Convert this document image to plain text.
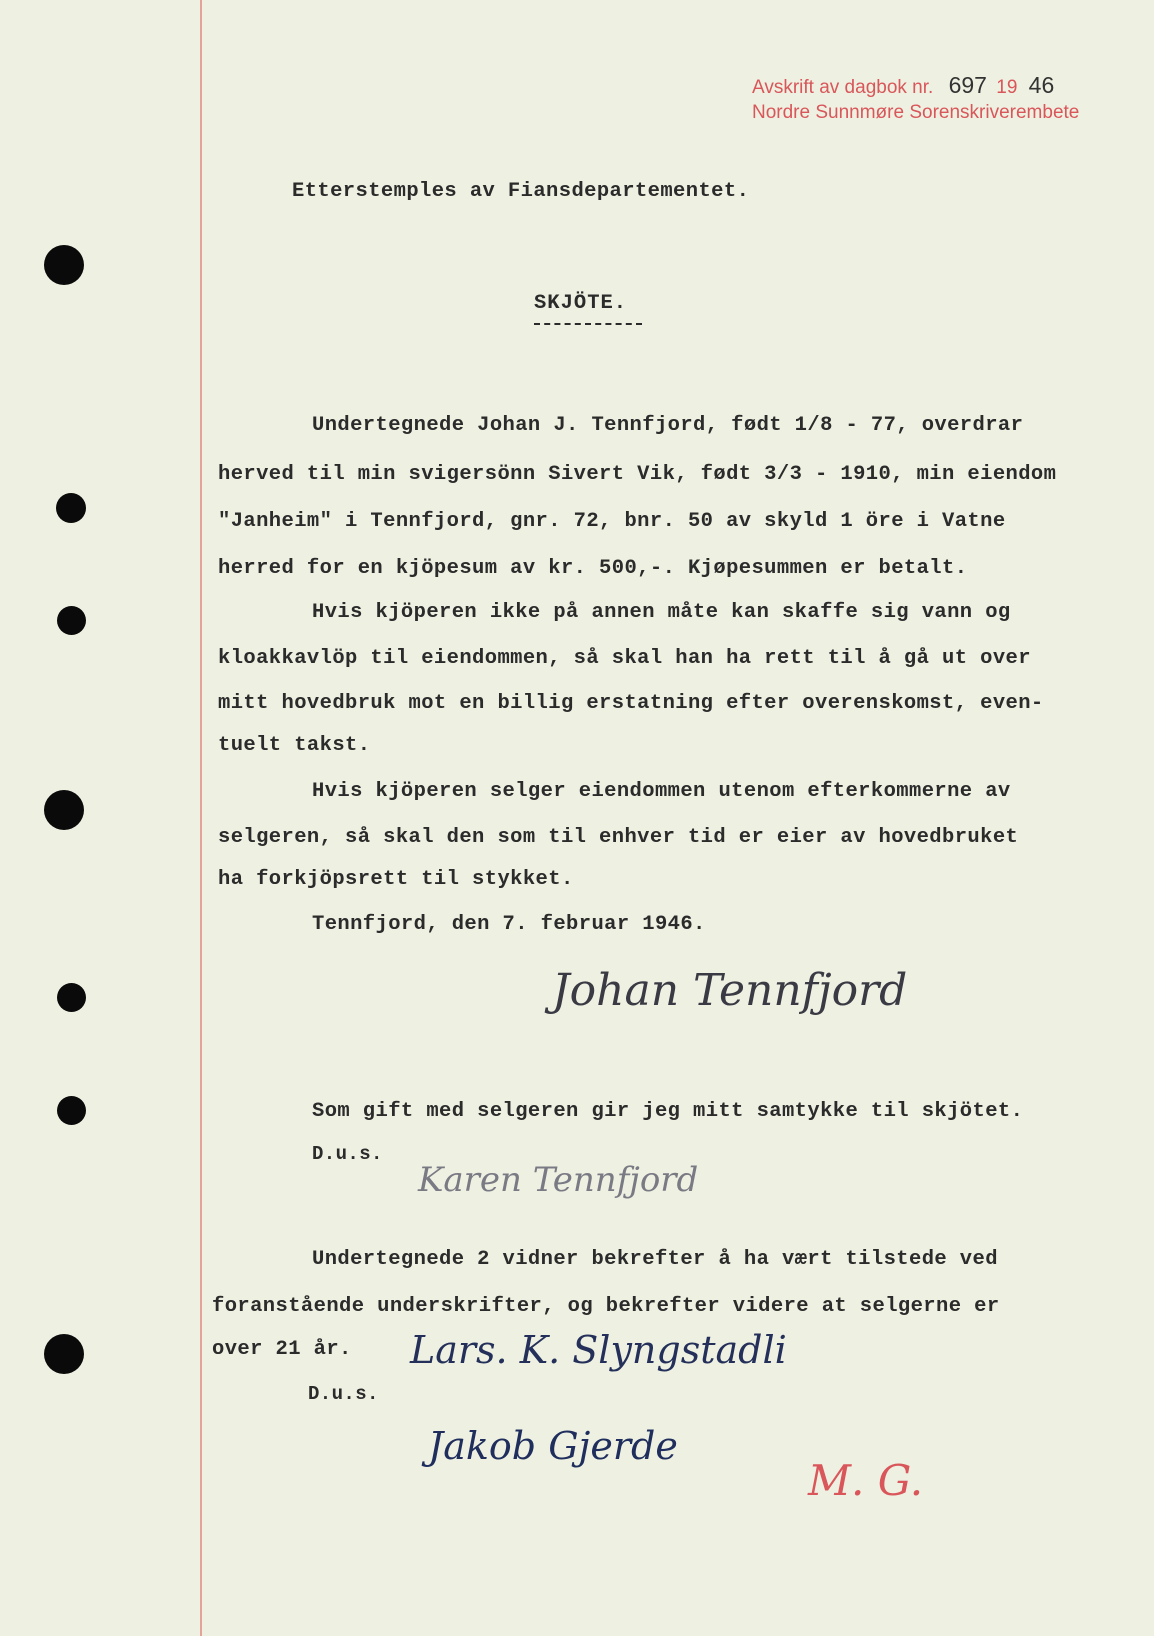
Avskrift av dagbok nr. 697 19 46
Nordre Sunnmøre Sorenskriverembete
Etterstemples av Fiansdepartementet.
SKJÖTE.
Undertegnede Johan J. Tennfjord, født 1/8 - 77, overdrar
herved til min svigersönn Sivert Vik, født 3/3 - 1910, min eiendom
"Janheim" i Tennfjord, gnr. 72, bnr. 50 av skyld 1 öre i Vatne
herred for en kjöpesum av kr. 500,-. Kjøpesummen er betalt.
Hvis kjöperen ikke på annen måte kan skaffe sig vann og
kloakkavlöp til eiendommen, så skal han ha rett til å gå ut over
mitt hovedbruk mot en billig erstatning efter overenskomst, even-
tuelt takst.
Hvis kjöperen selger eiendommen utenom efterkommerne av
selgeren, så skal den som til enhver tid er eier av hovedbruket
ha forkjöpsrett til stykket.
Tennfjord, den 7. februar 1946.
Johan Tennfjord
Som gift med selgeren gir jeg mitt samtykke til skjötet.
D.u.s.
Karen Tennfjord
Undertegnede 2 vidner bekrefter å ha vært tilstede ved
foranstående underskrifter, og bekrefter videre at selgerne er
over 21 år. Lars. K. Slyngstadli
D.u.s.
Jakob Gjerde
M. G.
